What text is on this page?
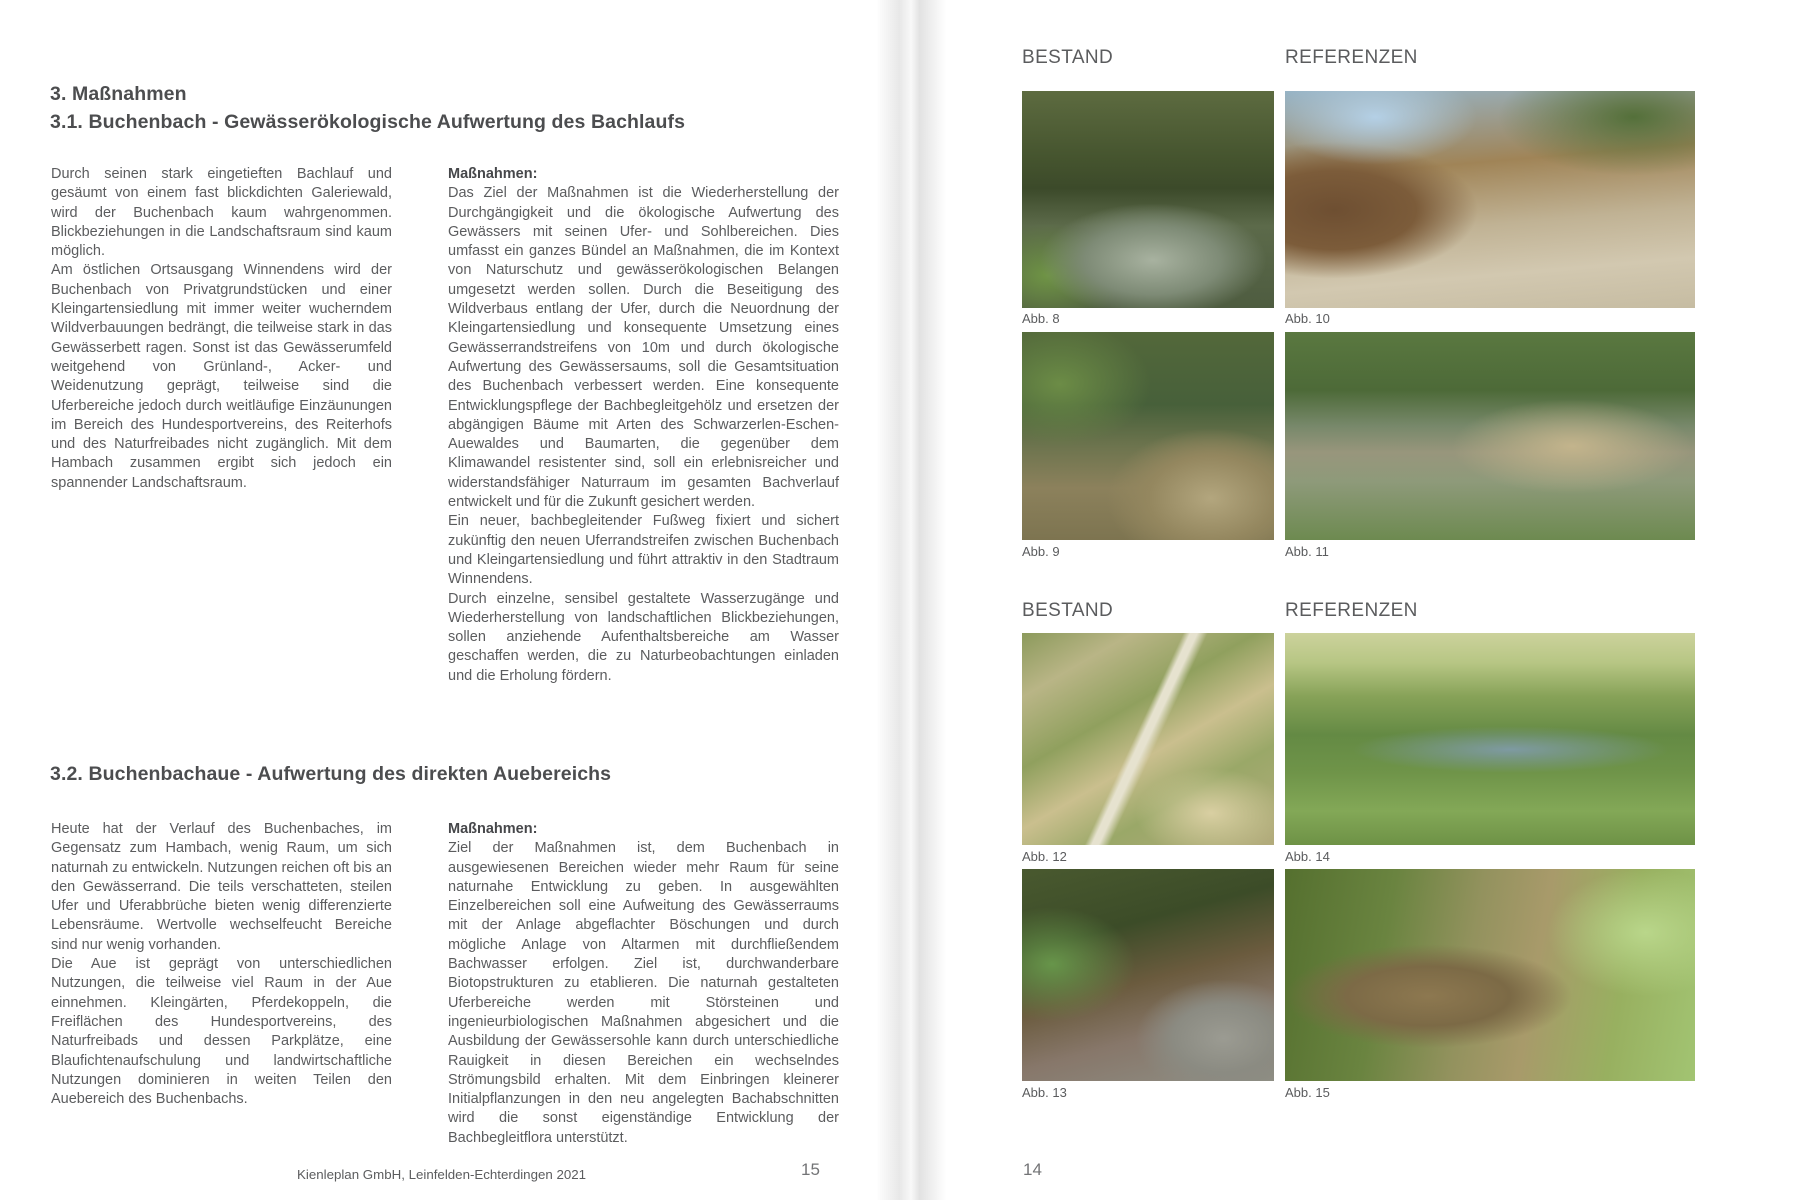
3. Maßnahmen
3.1. Buchenbach - Gewässerökologische Aufwertung des Bachlaufs

Durch seinen stark eingetieften Bachlauf und gesäumt von einem fast blickdichten Galeriewald, wird der Buchenbach kaum wahrgenommen. Blickbeziehungen in die Landschaftsraum sind kaum möglich.

Am östlichen Ortsausgang Winnendens wird der Buchenbach von Privatgrundstücken und einer Kleingartensiedlung mit immer weiter wucherndem Wildverbauungen bedrängt, die teilweise stark in das Gewässerbett ragen. Sonst ist das Gewässerumfeld weitgehend von Grünland-, Acker- und Weidenutzung geprägt, teilweise sind die Uferbereiche jedoch durch weitläufige Einzäunungen im Bereich des Hundesportvereins, des Reiterhofs und des Naturfreibades nicht zugänglich. Mit dem Hambach zusammen ergibt sich jedoch ein spannender Landschaftsraum.

Maßnahmen:

Das Ziel der Maßnahmen ist die Wiederherstellung der Durchgängigkeit und die ökologische Aufwertung des Gewässers mit seinen Ufer- und Sohlbereichen. Dies umfasst ein ganzes Bündel an Maßnahmen, die im Kontext von Naturschutz und gewässerökologischen Belangen umgesetzt werden sollen. Durch die Beseitigung des Wildverbaus entlang der Ufer, durch die Neuordnung der Kleingartensiedlung und konsequente Umsetzung eines Gewässerrandstreifens von 10m und durch ökologische Aufwertung des Gewässersaums, soll die Gesamtsituation des Buchenbach verbessert werden. Eine konsequente Entwicklungspflege der Bachbegleitgehölz und ersetzen der abgängigen Bäume mit Arten des Schwarzerlen-Eschen-Auewaldes und Baumarten, die gegenüber dem Klimawandel resistenter sind, soll ein erlebnisreicher und widerstandsfähiger Naturraum im gesamten Bachverlauf entwickelt und für die Zukunft gesichert werden.

Ein neuer, bachbegleitender Fußweg fixiert und sichert zukünftig den neuen Uferrandstreifen zwischen Buchenbach und Kleingartensiedlung und führt attraktiv in den Stadtraum Winnendens.

Durch einzelne, sensibel gestaltete Wasserzugänge und Wiederherstellung von landschaftlichen Blickbeziehungen, sollen anziehende Aufenthaltsbereiche am Wasser geschaffen werden, die zu Naturbeobachtungen einladen und die Erholung fördern.

3.2. Buchenbachaue - Aufwertung des direkten Auebereichs

Heute hat der Verlauf des Buchenbaches, im Gegensatz zum Hambach, wenig Raum, um sich naturnah zu entwickeln. Nutzungen reichen oft bis an den Gewässerrand. Die teils verschatteten, steilen Ufer und Uferabbrüche bieten wenig differenzierte Lebensräume. Wertvolle wechselfeucht Bereiche sind nur wenig vorhanden.

Die Aue ist geprägt von unterschiedlichen Nutzungen, die teilweise viel Raum in der Aue einnehmen. Kleingärten, Pferdekoppeln, die Freiflächen des Hundesportvereins, des Naturfreibads und dessen Parkplätze, eine Blaufichtenaufschulung und landwirtschaftliche Nutzungen dominieren in weiten Teilen den Auebereich des Buchenbachs.

Maßnahmen:

Ziel der Maßnahmen ist, dem Buchenbach in ausgewiesenen Bereichen wieder mehr Raum für seine naturnahe Entwicklung zu geben. In ausgewählten Einzelbereichen soll eine Aufweitung des Gewässerraums mit der Anlage abgeflachter Böschungen und durch mögliche Anlage von Altarmen mit durchfließendem Bachwasser erfolgen. Ziel ist, durchwanderbare Biotopstrukturen zu etablieren. Die naturnah gestalteten Uferbereiche werden mit Störsteinen und ingenieurbiologischen Maßnahmen abgesichert und die Ausbildung der Gewässersohle kann durch unterschiedliche Rauigkeit in diesen Bereichen ein wechselndes Strömungsbild erhalten. Mit dem Einbringen kleinerer Initialpflanzungen in den neu angelegten Bachabschnitten wird die sonst eigenständige Entwicklung der Bachbegleitflora unterstützt.

Kienleplan GmbH, Leinfelden-Echterdingen 2021	15

BESTAND	REFERENZEN

Abb. 8	Abb. 10
Abb. 9	Abb. 11

BESTAND	REFERENZEN

Abb. 12	Abb. 14
Abb. 13	Abb. 15
14
